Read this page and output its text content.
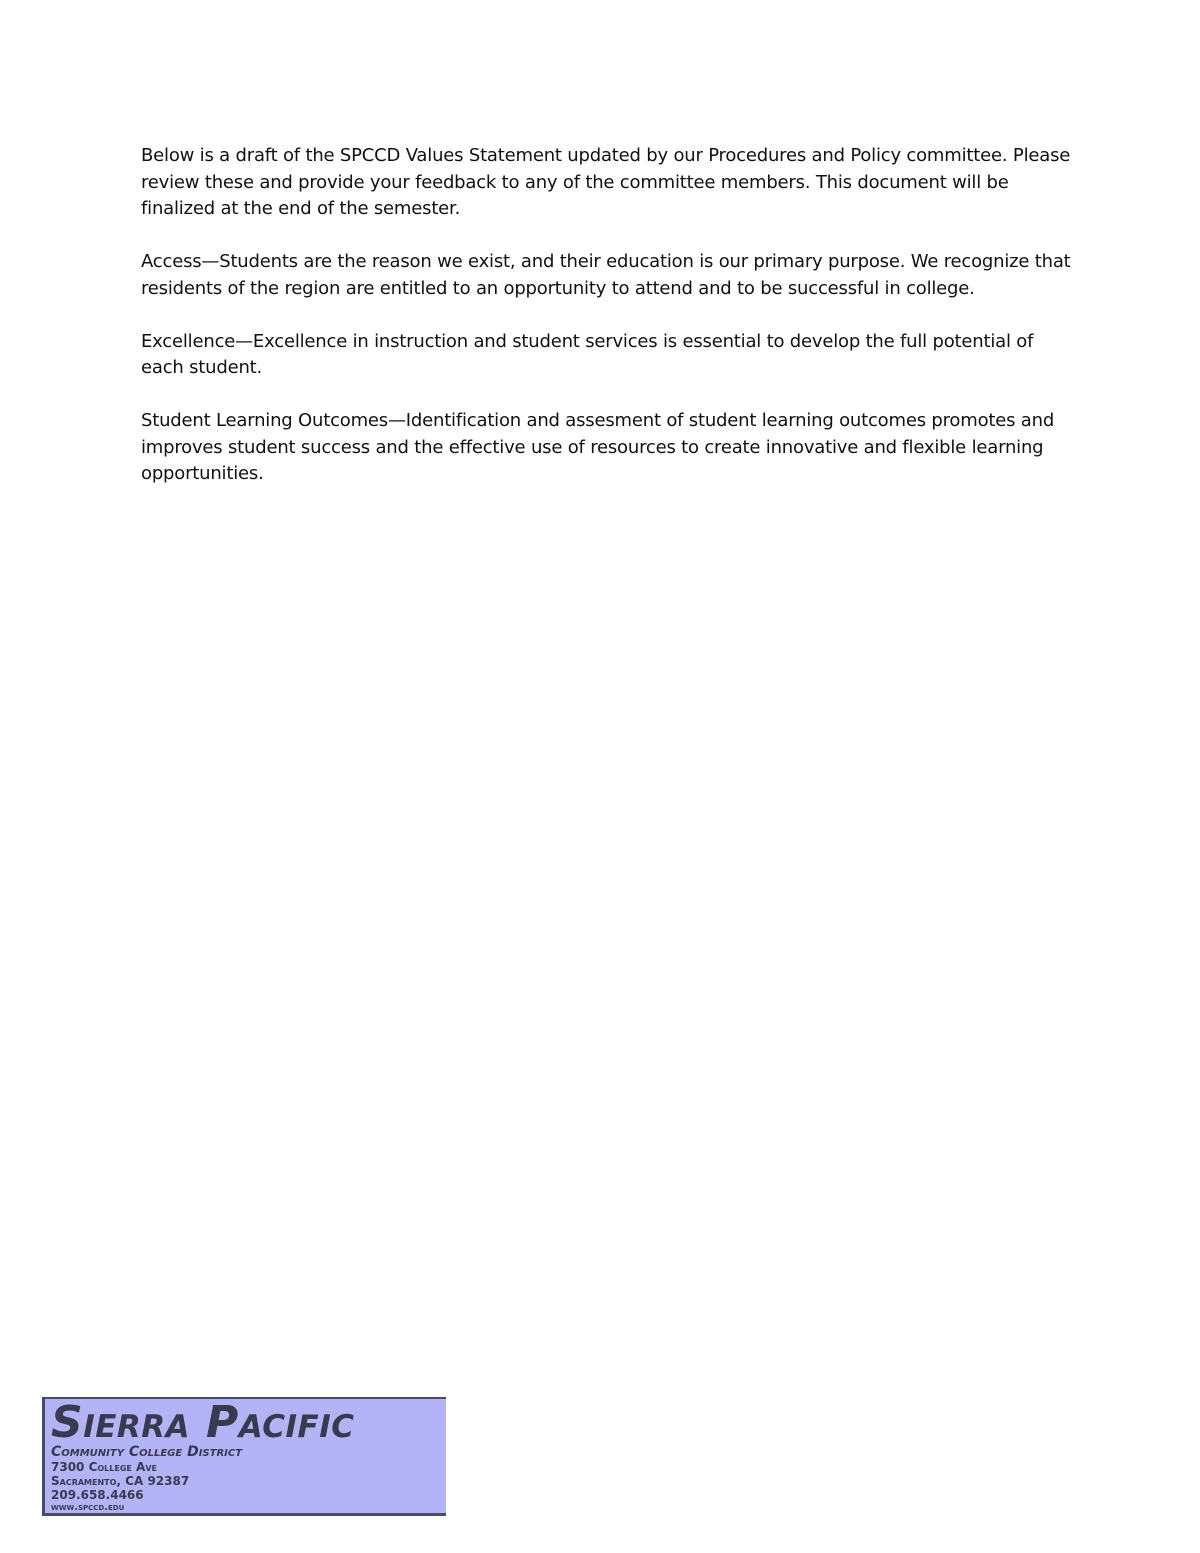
Below is a draft of the SPCCD Values Statement updated by our Procedures and Policy committee. Please review these and provide your feedback to any of the committee members. This document will be finalized at the end of the semester.

Access—Students are the reason we exist, and their education is our primary purpose. We recognize that residents of the region are entitled to an opportunity to attend and to be successful in college.

Excellence—Excellence in instruction and student services is essential to develop the full potential of each student.

Student Learning Outcomes—Identification and assesment of student learning outcomes promotes and improves student success and the effective use of resources to create innovative and flexible learning opportunities.

Sierra Pacific
Community College District
7300 College Ave
Sacramento, CA 92387
209.658.4466
www.spccd.edu
